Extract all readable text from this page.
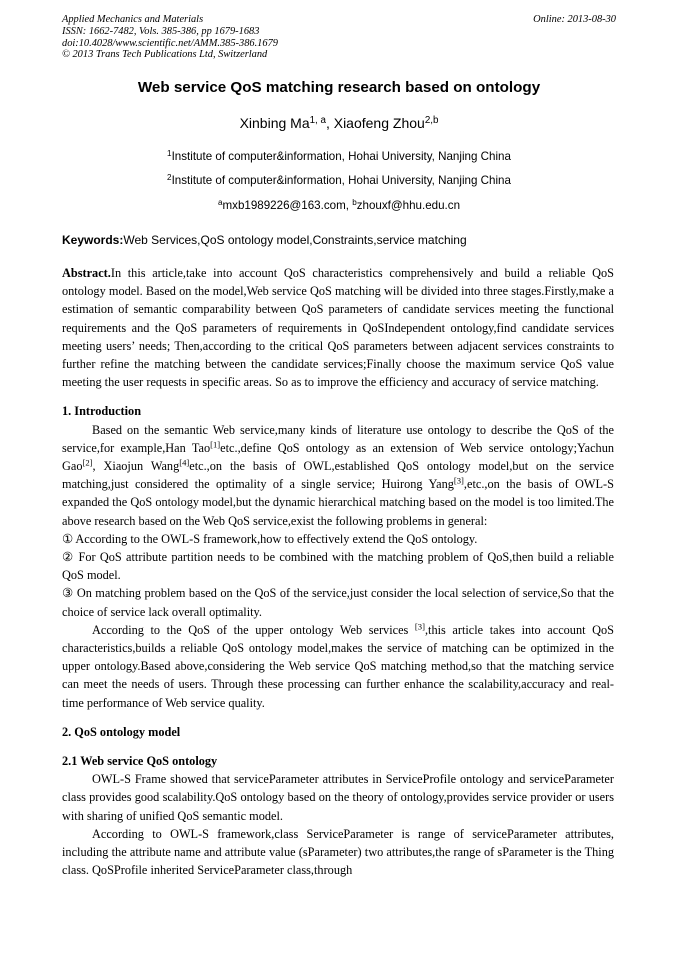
Applied Mechanics and Materials
ISSN: 1662-7482, Vols. 385-386, pp 1679-1683
doi:10.4028/www.scientific.net/AMM.385-386.1679
© 2013 Trans Tech Publications Ltd, Switzerland
Online: 2013-08-30
Web service QoS matching research based on ontology
Xinbing Ma$^{1, a}$, Xiaofeng Zhou$^{2,b}$
$^1$Institute of computer&information, Hohai University, Nanjing China
$^2$Institute of computer&information, Hohai University, Nanjing China
$^a$mxb1989226@163.com, $^b$zhouxf@hhu.edu.cn
Keywords:Web Services,QoS ontology model,Constraints,service matching

Abstract.In this article,take into account QoS characteristics comprehensively and build a reliable QoS ontology model. Based on the model,Web service QoS matching will be divided into three stages.Firstly,make a estimation of semantic comparability between QoS parameters of candidate services meeting the functional requirements and the QoS parameters of requirements in QoSIndependent ontology,find candidate services meeting users’ needs; Then,according to the critical QoS parameters between adjacent services constraints to further refine the matching between the candidate services;Finally choose the maximum service QoS value meeting the user requests in specific areas. So as to improve the efficiency and accuracy of service matching.

1. Introduction

Based on the semantic Web service,many kinds of literature use ontology to describe the QoS of the service,for example,Han Tao[1]etc.,define QoS ontology as an extension of Web service ontology;Yachun Gao[2], Xiaojun Wang[4]etc.,on the basis of OWL,established QoS ontology model,but on the service matching,just considered the optimality of a single service; Huirong Yang[3],etc.,on the basis of OWL-S expanded the QoS ontology model,but the dynamic hierarchical matching based on the model is too limited.The above research based on the Web QoS service,exist the following problems in general:

① According to the OWL-S framework,how to effectively extend the QoS ontology.

② For QoS attribute partition needs to be combined with the matching problem of QoS,then build a reliable QoS model.

③ On matching problem based on the QoS of the service,just consider the local selection of service,So that the choice of service lack overall optimality.

According to the QoS of the upper ontology Web services [3],this article takes into account QoS characteristics,builds a reliable QoS ontology model,makes the service of matching can be optimized in the upper ontology.Based above,considering the Web service QoS matching method,so that the matching service can meet the needs of users. Through these processing can further enhance the scalability,accuracy and real-time performance of Web service quality.

2. QoS ontology model

2.1 Web service QoS ontology

OWL-S Frame showed that serviceParameter attributes in ServiceProfile ontology and serviceParameter class provides good scalability.QoS ontology based on the theory of ontology,provides service provider or users with sharing of unified QoS semantic model.

According to OWL-S framework,class ServiceParameter is range of serviceParameter attributes, including the attribute name and attribute value (sParameter) two attributes,the range of sParameter is the Thing class. QoSProfile inherited ServiceParameter class,through
